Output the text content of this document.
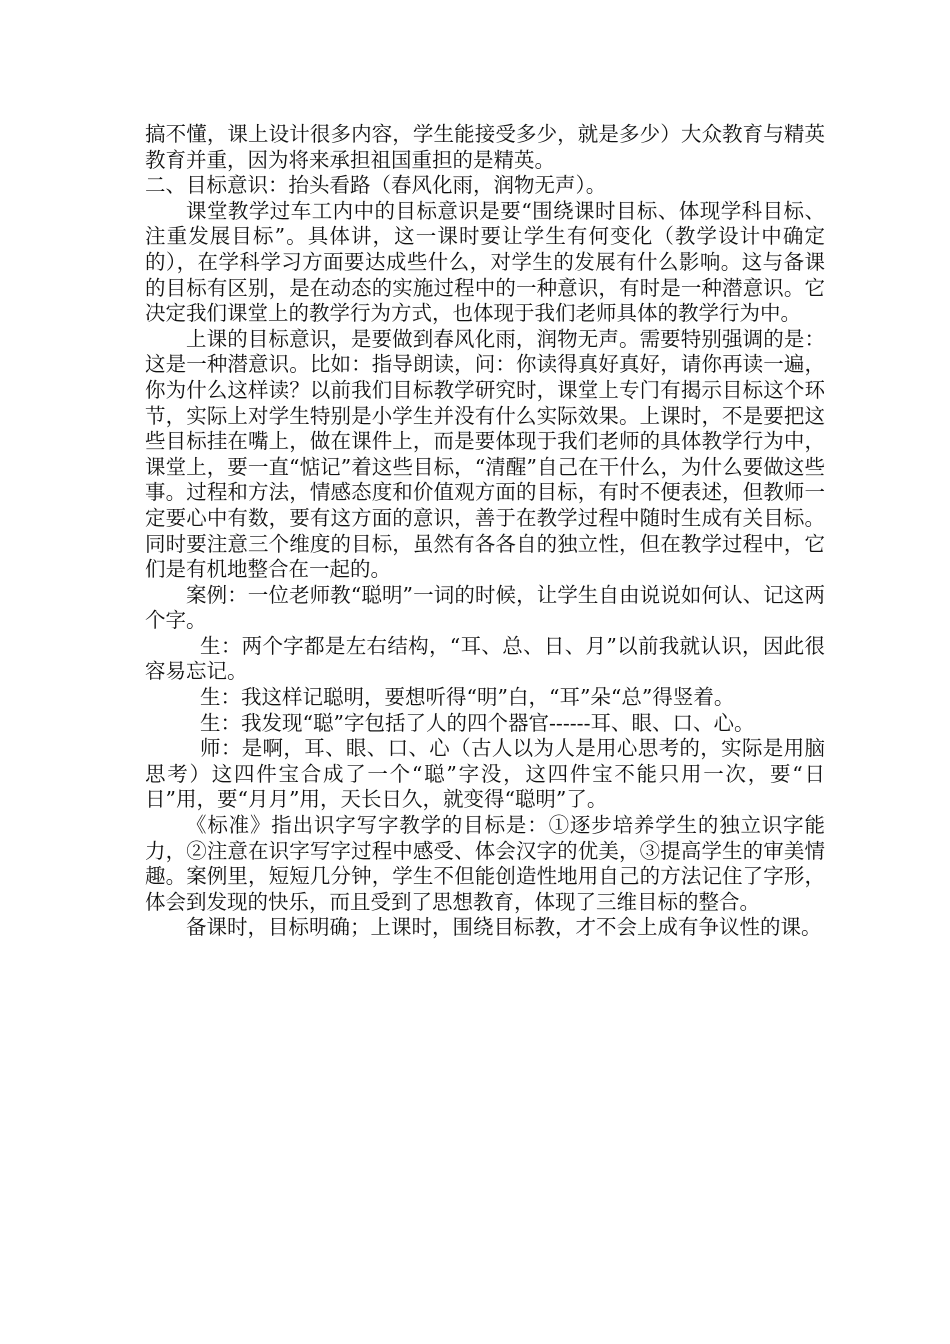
搞不懂，课上设计很多内容，学生能接受多少，就是多少）大众教育与精英教育并重，因为将来承担祖国重担的是精英。

二、目标意识：抬头看路（春风化雨，润物无声）。

课堂教学过车工内中的目标意识是要“围绕课时目标、体现学科目标、注重发展目标”。具体讲，这一课时要让学生有何变化（教学设计中确定的），在学科学习方面要达成些什么，对学生的发展有什么影响。这与备课的目标有区别，是在动态的实施过程中的一种意识，有时是一种潜意识。它决定我们课堂上的教学行为方式，也体现于我们老师具体的教学行为中。

上课的目标意识，是要做到春风化雨，润物无声。需要特别强调的是：这是一种潜意识。比如：指导朗读，问：你读得真好真好，请你再读一遍，你为什么这样读？以前我们目标教学研究时，课堂上专门有揭示目标这个环节，实际上对学生特别是小学生并没有什么实际效果。上课时，不是要把这些目标挂在嘴上，做在课件上，而是要体现于我们老师的具体教学行为中，课堂上，要一直“惦记”着这些目标，“清醒”自己在干什么，为什么要做这些事。过程和方法，情感态度和价值观方面的目标，有时不便表述，但教师一定要心中有数，要有这方面的意识，善于在教学过程中随时生成有关目标。同时要注意三个维度的目标，虽然有各各自的独立性，但在教学过程中，它们是有机地整合在一起的。

案例：一位老师教“聪明”一词的时候，让学生自由说说如何认、记这两个字。

生：两个字都是左右结构，“耳、总、日、月”以前我就认识，因此很容易忘记。

生：我这样记聪明，要想听得“明”白，“耳”朵“总”得竖着。

生：我发现“聪”字包括了人的四个器官------耳、眼、口、心。

师：是啊，耳、眼、口、心（古人以为人是用心思考的，实际是用脑思考）这四件宝合成了一个“聪”字没，这四件宝不能只用一次，要“日日”用，要“月月”用，天长日久，就变得“聪明”了。

《标准》指出识字写字教学的目标是：①逐步培养学生的独立识字能力，②注意在识字写字过程中感受、体会汉字的优美，③提高学生的审美情趣。案例里，短短几分钟，学生不但能创造性地用自己的方法记住了字形，体会到发现的快乐，而且受到了思想教育，体现了三维目标的整合。

备课时，目标明确；上课时，围绕目标教，才不会上成有争议性的课。
